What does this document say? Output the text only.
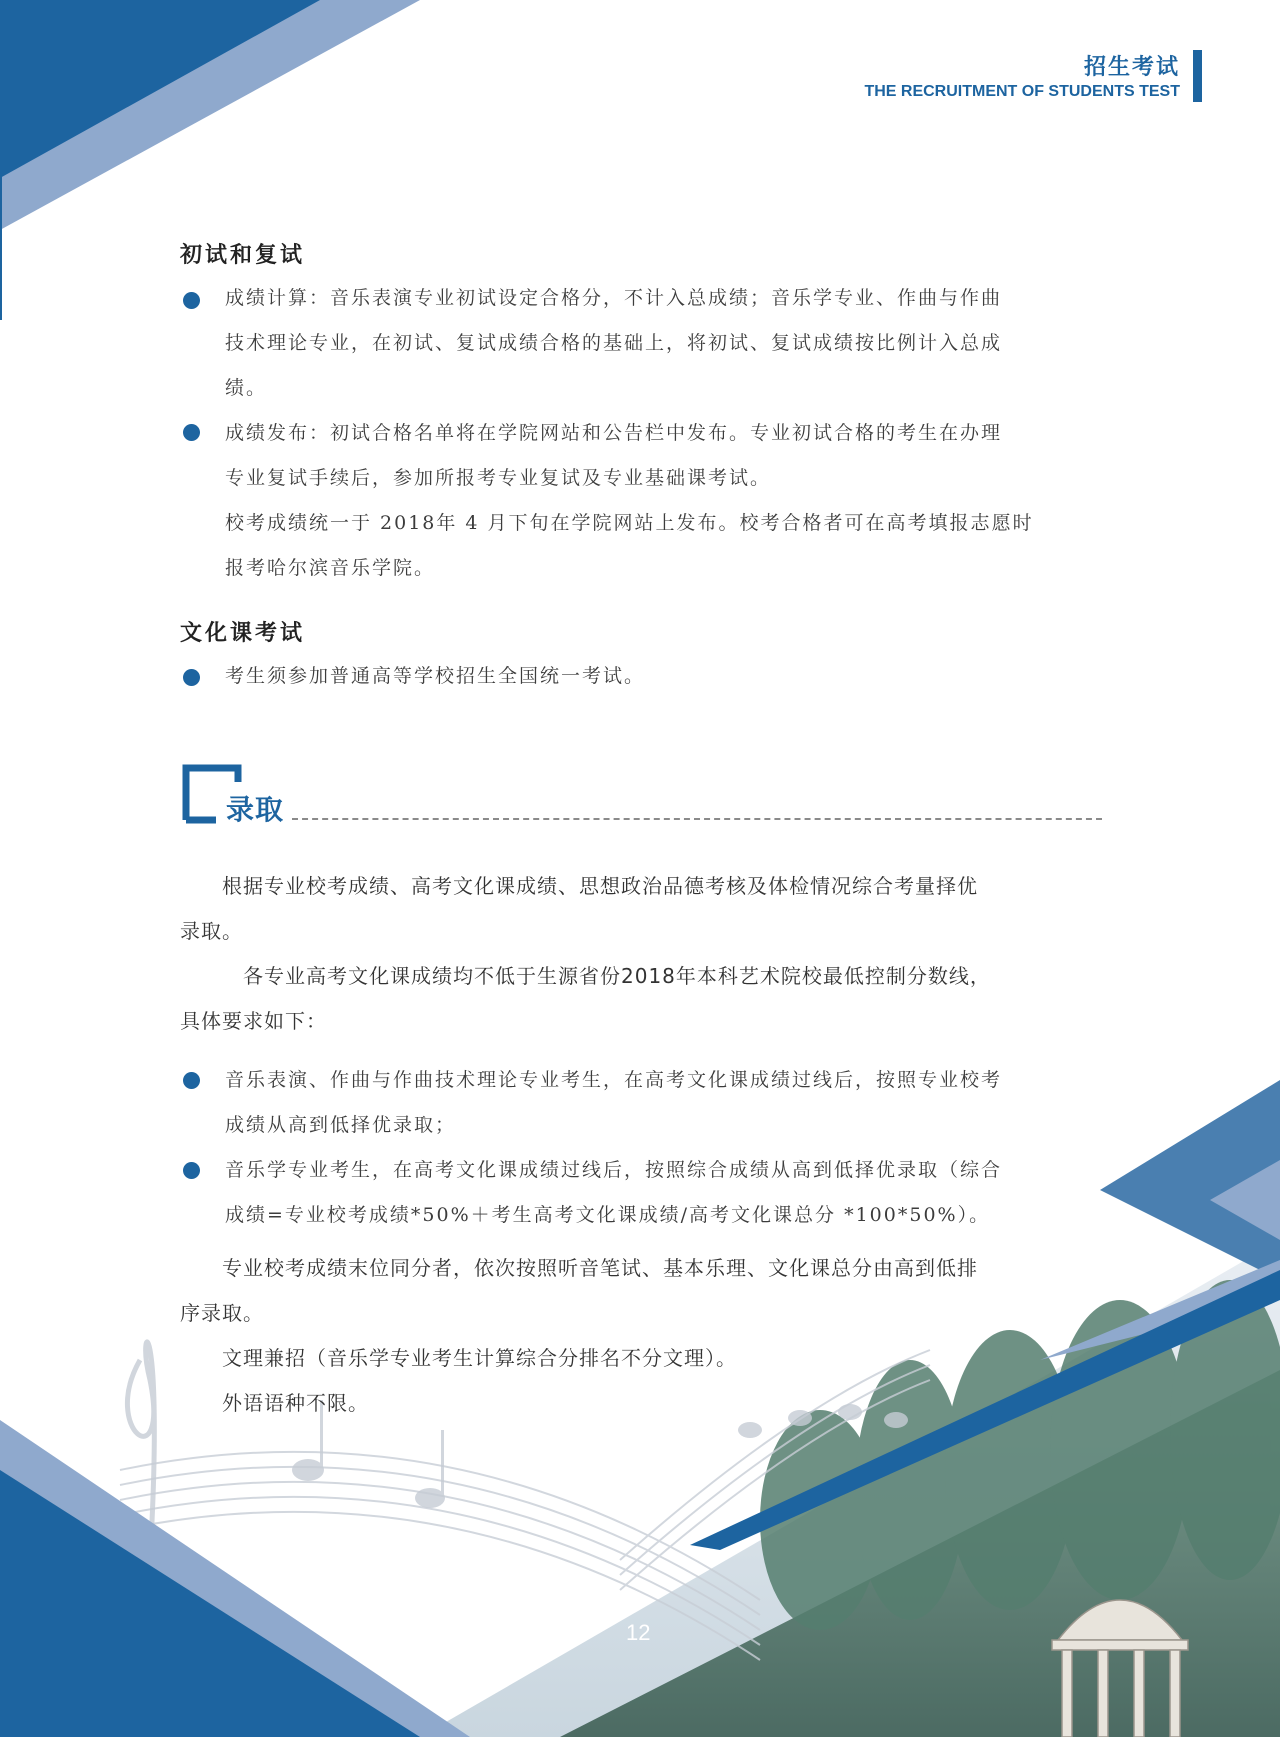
招生考试
THE RECRUITMENT OF STUDENTS TEST
初试和复试
成绩计算：音乐表演专业初试设定合格分，不计入总成绩；音乐学专业、作曲与作曲
技术理论专业，在初试、复试成绩合格的基础上，将初试、复试成绩按比例计入总成
绩。
成绩发布：初试合格名单将在学院网站和公告栏中发布。专业初试合格的考生在办理
专业复试手续后，参加所报考专业复试及专业基础课考试。
校考成绩统一于 2018年 4 月下旬在学院网站上发布。校考合格者可在高考填报志愿时
报考哈尔滨音乐学院。
文化课考试
考生须参加普通高等学校招生全国统一考试。
录取
　　根据专业校考成绩、高考文化课成绩、思想政治品德考核及体检情况综合考量择优
录取。
　　　各专业高考文化课成绩均不低于生源省份2018年本科艺术院校最低控制分数线，
具体要求如下：
音乐表演、作曲与作曲技术理论专业考生，在高考文化课成绩过线后，按照专业校考
成绩从高到低择优录取；
音乐学专业考生，在高考文化课成绩过线后，按照综合成绩从高到低择优录取（综合
成绩=专业校考成绩*50%＋考生高考文化课成绩/高考文化课总分 *100*50%）。
　　专业校考成绩末位同分者，依次按照听音笔试、基本乐理、文化课总分由高到低排
序录取。
　　文理兼招（音乐学专业考生计算综合分排名不分文理）。
　　外语语种不限。
12
